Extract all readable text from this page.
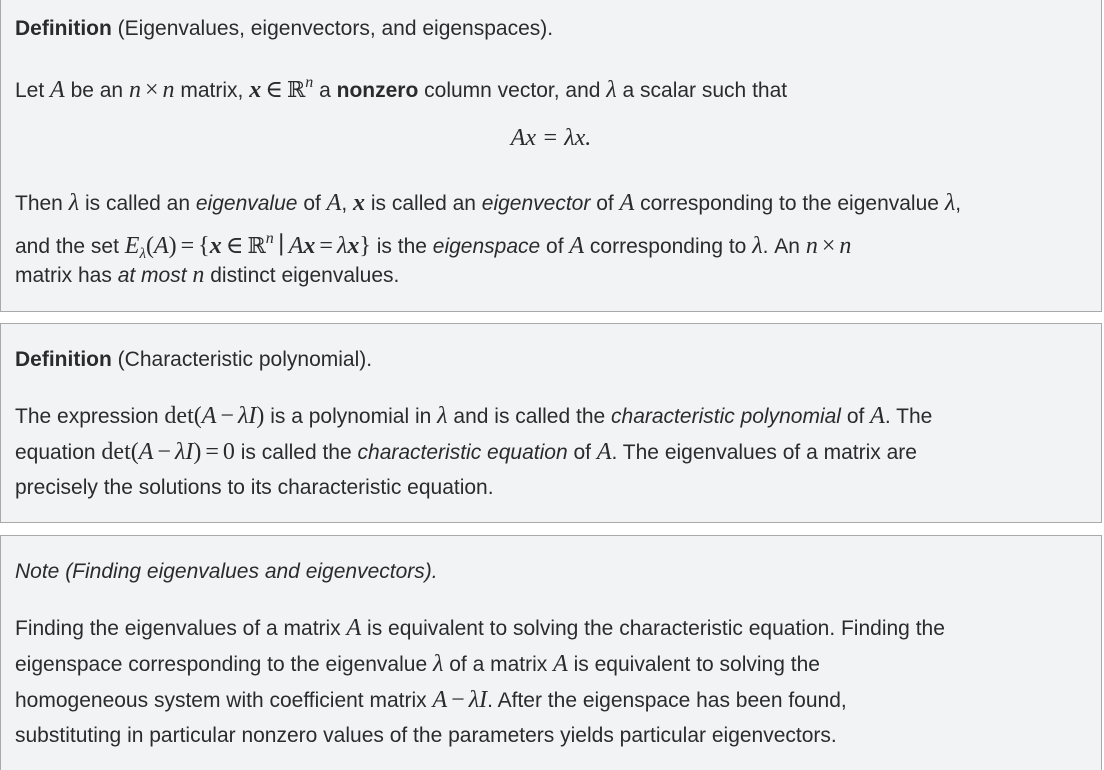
Definition (Eigenvalues, eigenvectors, and eigenspaces).
Let A be an n × n matrix, x ∈ ℝ$^n$ a nonzero column vector, and λ a scalar such that
Ax = λx.
Then λ is called an eigenvalue of A, x is called an eigenvector of A corresponding to the eigenvalue λ,
and the set $E_\lambda(A) = \{x$ ∈ ℝ$^n$ ∣ Ax = λx} is the eigenspace of A corresponding to λ. An n × n
matrix has at most n distinct eigenvalues.
Definition (Characteristic polynomial).
The expression det(A − λI) is a polynomial in λ and is called the characteristic polynomial of A. The
equation det(A − λI) = 0 is called the characteristic equation of A. The eigenvalues of a matrix are
precisely the solutions to its characteristic equation.
Note (Finding eigenvalues and eigenvectors).
Finding the eigenvalues of a matrix A is equivalent to solving the characteristic equation. Finding the
eigenspace corresponding to the eigenvalue λ of a matrix A is equivalent to solving the
homogeneous system with coefficient matrix A − λI. After the eigenspace has been found,
substituting in particular nonzero values of the parameters yields particular eigenvectors.
